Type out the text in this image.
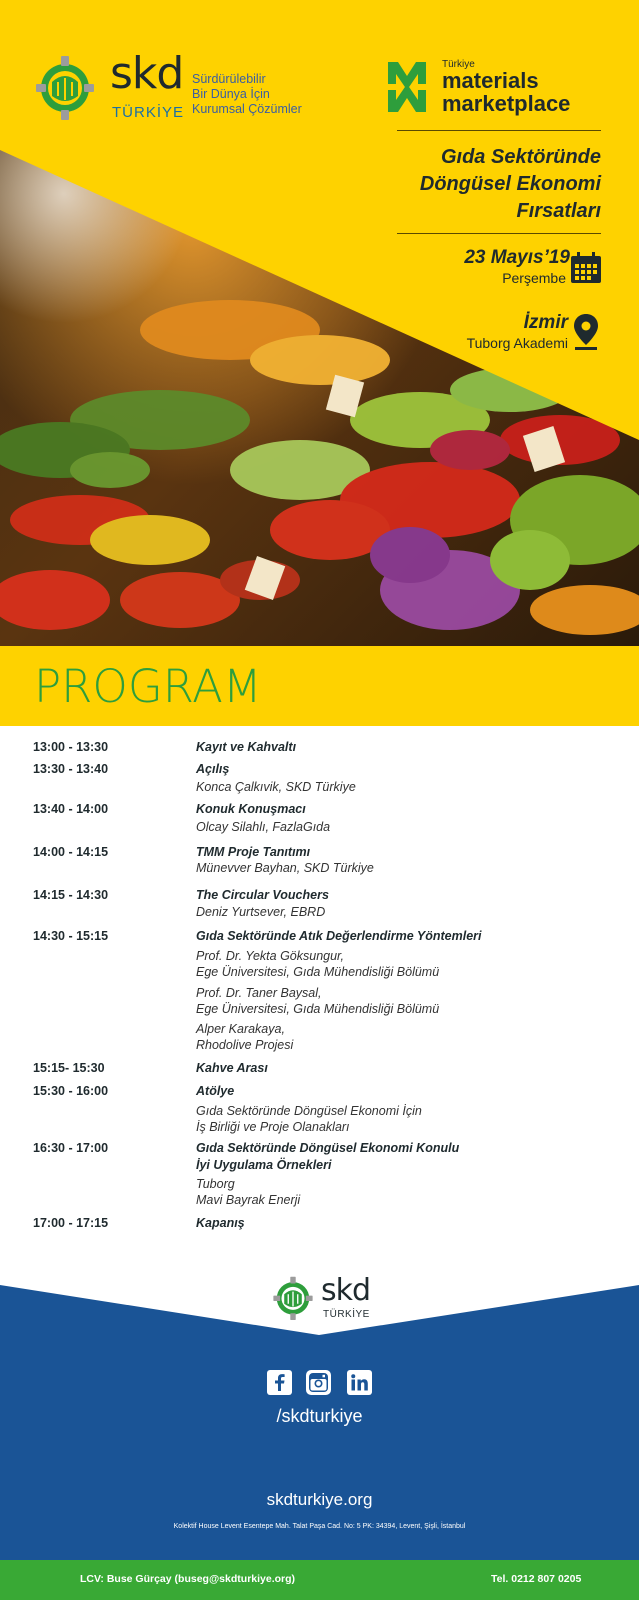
skd
TÜRKİYE
Sürdürülebilir
Bir Dünya İçin
Kurumsal Çözümler
Türkiye
materials
marketplace
Gıda Sektöründe
Döngüsel Ekonomi
Fırsatları
23 Mayıs’19
Perşembe
İzmir
Tuborg Akademi
PROGRAM
13:00 - 13:30	Kayıt ve Kahvaltı
13:30 - 13:40	Açılış
Konca Çalkıvik, SKD Türkiye
13:40 - 14:00	Konuk Konuşmacı
Olcay Silahlı, FazlaGıda
14:00 - 14:15	TMM Proje Tanıtımı
Münevver Bayhan, SKD Türkiye
14:15 - 14:30	The Circular Vouchers
Deniz Yurtsever, EBRD
14:30 - 15:15	Gıda Sektöründe Atık Değerlendirme Yöntemleri
Prof. Dr. Yekta Göksungur,
Ege Üniversitesi, Gıda Mühendisliği Bölümü
Prof. Dr. Taner Baysal,
Ege Üniversitesi, Gıda Mühendisliği Bölümü
Alper Karakaya,
Rhodolive Projesi
15:15- 15:30	Kahve Arası
15:30 - 16:00	Atölye
Gıda Sektöründe Döngüsel Ekonomi İçin
İş Birliği ve Proje Olanakları
16:30 - 17:00	Gıda Sektöründe Döngüsel Ekonomi Konulu
İyi Uygulama Örnekleri
Tuborg
Mavi Bayrak Enerji
17:00 - 17:15	Kapanış
skd
TÜRKİYE
/skdturkiye
skdturkiye.org
Kolektif House Levent Esentepe Mah. Talat Paşa Cad. No: 5 PK: 34394, Levent, Şişli, İstanbul
LCV: Buse Gürçay (buseg@skdturkiye.org)	Tel. 0212 807 0205
